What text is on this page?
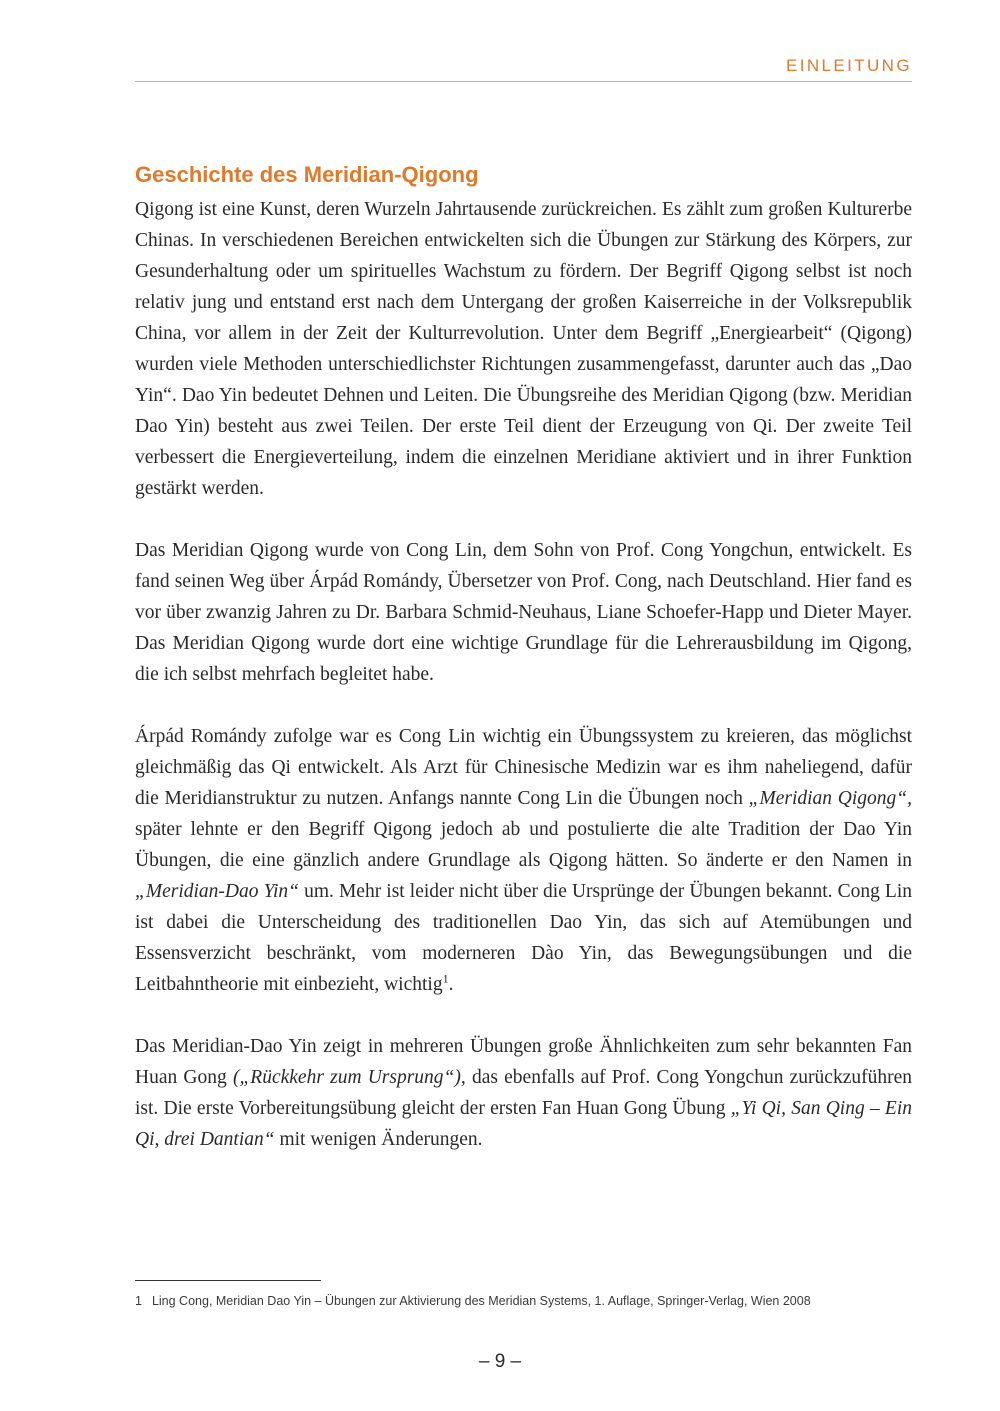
EINLEITUNG
Geschichte des Meridian-Qigong

Qigong ist eine Kunst, deren Wurzeln Jahrtausende zurückreichen. Es zählt zum großen Kulturerbe Chinas. In verschiedenen Bereichen entwickelten sich die Übungen zur Stärkung des Körpers, zur Gesunderhaltung oder um spirituelles Wachstum zu fördern. Der Begriff Qigong selbst ist noch relativ jung und entstand erst nach dem Untergang der großen Kaiserreiche in der Volksrepublik China, vor allem in der Zeit der Kulturrevolution. Unter dem Begriff „Energiearbeit“ (Qigong) wurden viele Methoden unterschiedlichster Richtungen zusammengefasst, darunter auch das „Dao Yin“. Dao Yin bedeutet Dehnen und Leiten. Die Übungsreihe des Meridian Qigong (bzw. Meridian Dao Yin) besteht aus zwei Teilen. Der erste Teil dient der Erzeugung von Qi. Der zweite Teil verbessert die Energieverteilung, indem die einzelnen Meridiane aktiviert und in ihrer Funktion gestärkt werden.

Das Meridian Qigong wurde von Cong Lin, dem Sohn von Prof. Cong Yongchun, entwickelt. Es fand seinen Weg über Árpád Romándy, Übersetzer von Prof. Cong, nach Deutschland. Hier fand es vor über zwanzig Jahren zu Dr. Barbara Schmid-Neuhaus, Liane Schoefer-Happ und Dieter Mayer. Das Meridian Qigong wurde dort eine wichtige Grundlage für die Lehrerausbildung im Qigong, die ich selbst mehrfach begleitet habe.

Árpád Romándy zufolge war es Cong Lin wichtig ein Übungssystem zu kreieren, das möglichst gleichmäßig das Qi entwickelt. Als Arzt für Chinesische Medizin war es ihm naheliegend, dafür die Meridianstruktur zu nutzen. Anfangs nannte Cong Lin die Übungen noch „Meridian Qigong“, später lehnte er den Begriff Qigong jedoch ab und postulierte die alte Tradition der Dao Yin Übungen, die eine gänzlich andere Grundlage als Qigong hätten. So änderte er den Namen in „Meridian-Dao Yin“ um. Mehr ist leider nicht über die Ursprünge der Übungen bekannt. Cong Lin ist dabei die Unterscheidung des traditionellen Dao Yin, das sich auf Atemübungen und Essensverzicht beschränkt, vom moderneren Dào Yin, das Bewegungsübungen und die Leitbahntheorie mit einbezieht, wichtig$^1$.

Das Meridian-Dao Yin zeigt in mehreren Übungen große Ähnlichkeiten zum sehr bekannten Fan Huan Gong („Rückkehr zum Ursprung“), das ebenfalls auf Prof. Cong Yongchun zurückzuführen ist. Die erste Vorbereitungsübung gleicht der ersten Fan Huan Gong Übung „Yi Qi, San Qing – Ein Qi, drei Dantian“ mit wenigen Änderungen.

1 Ling Cong, Meridian Dao Yin – Übungen zur Aktivierung des Meridian Systems, 1. Auflage, Springer-Verlag, Wien 2008
– 9 –
